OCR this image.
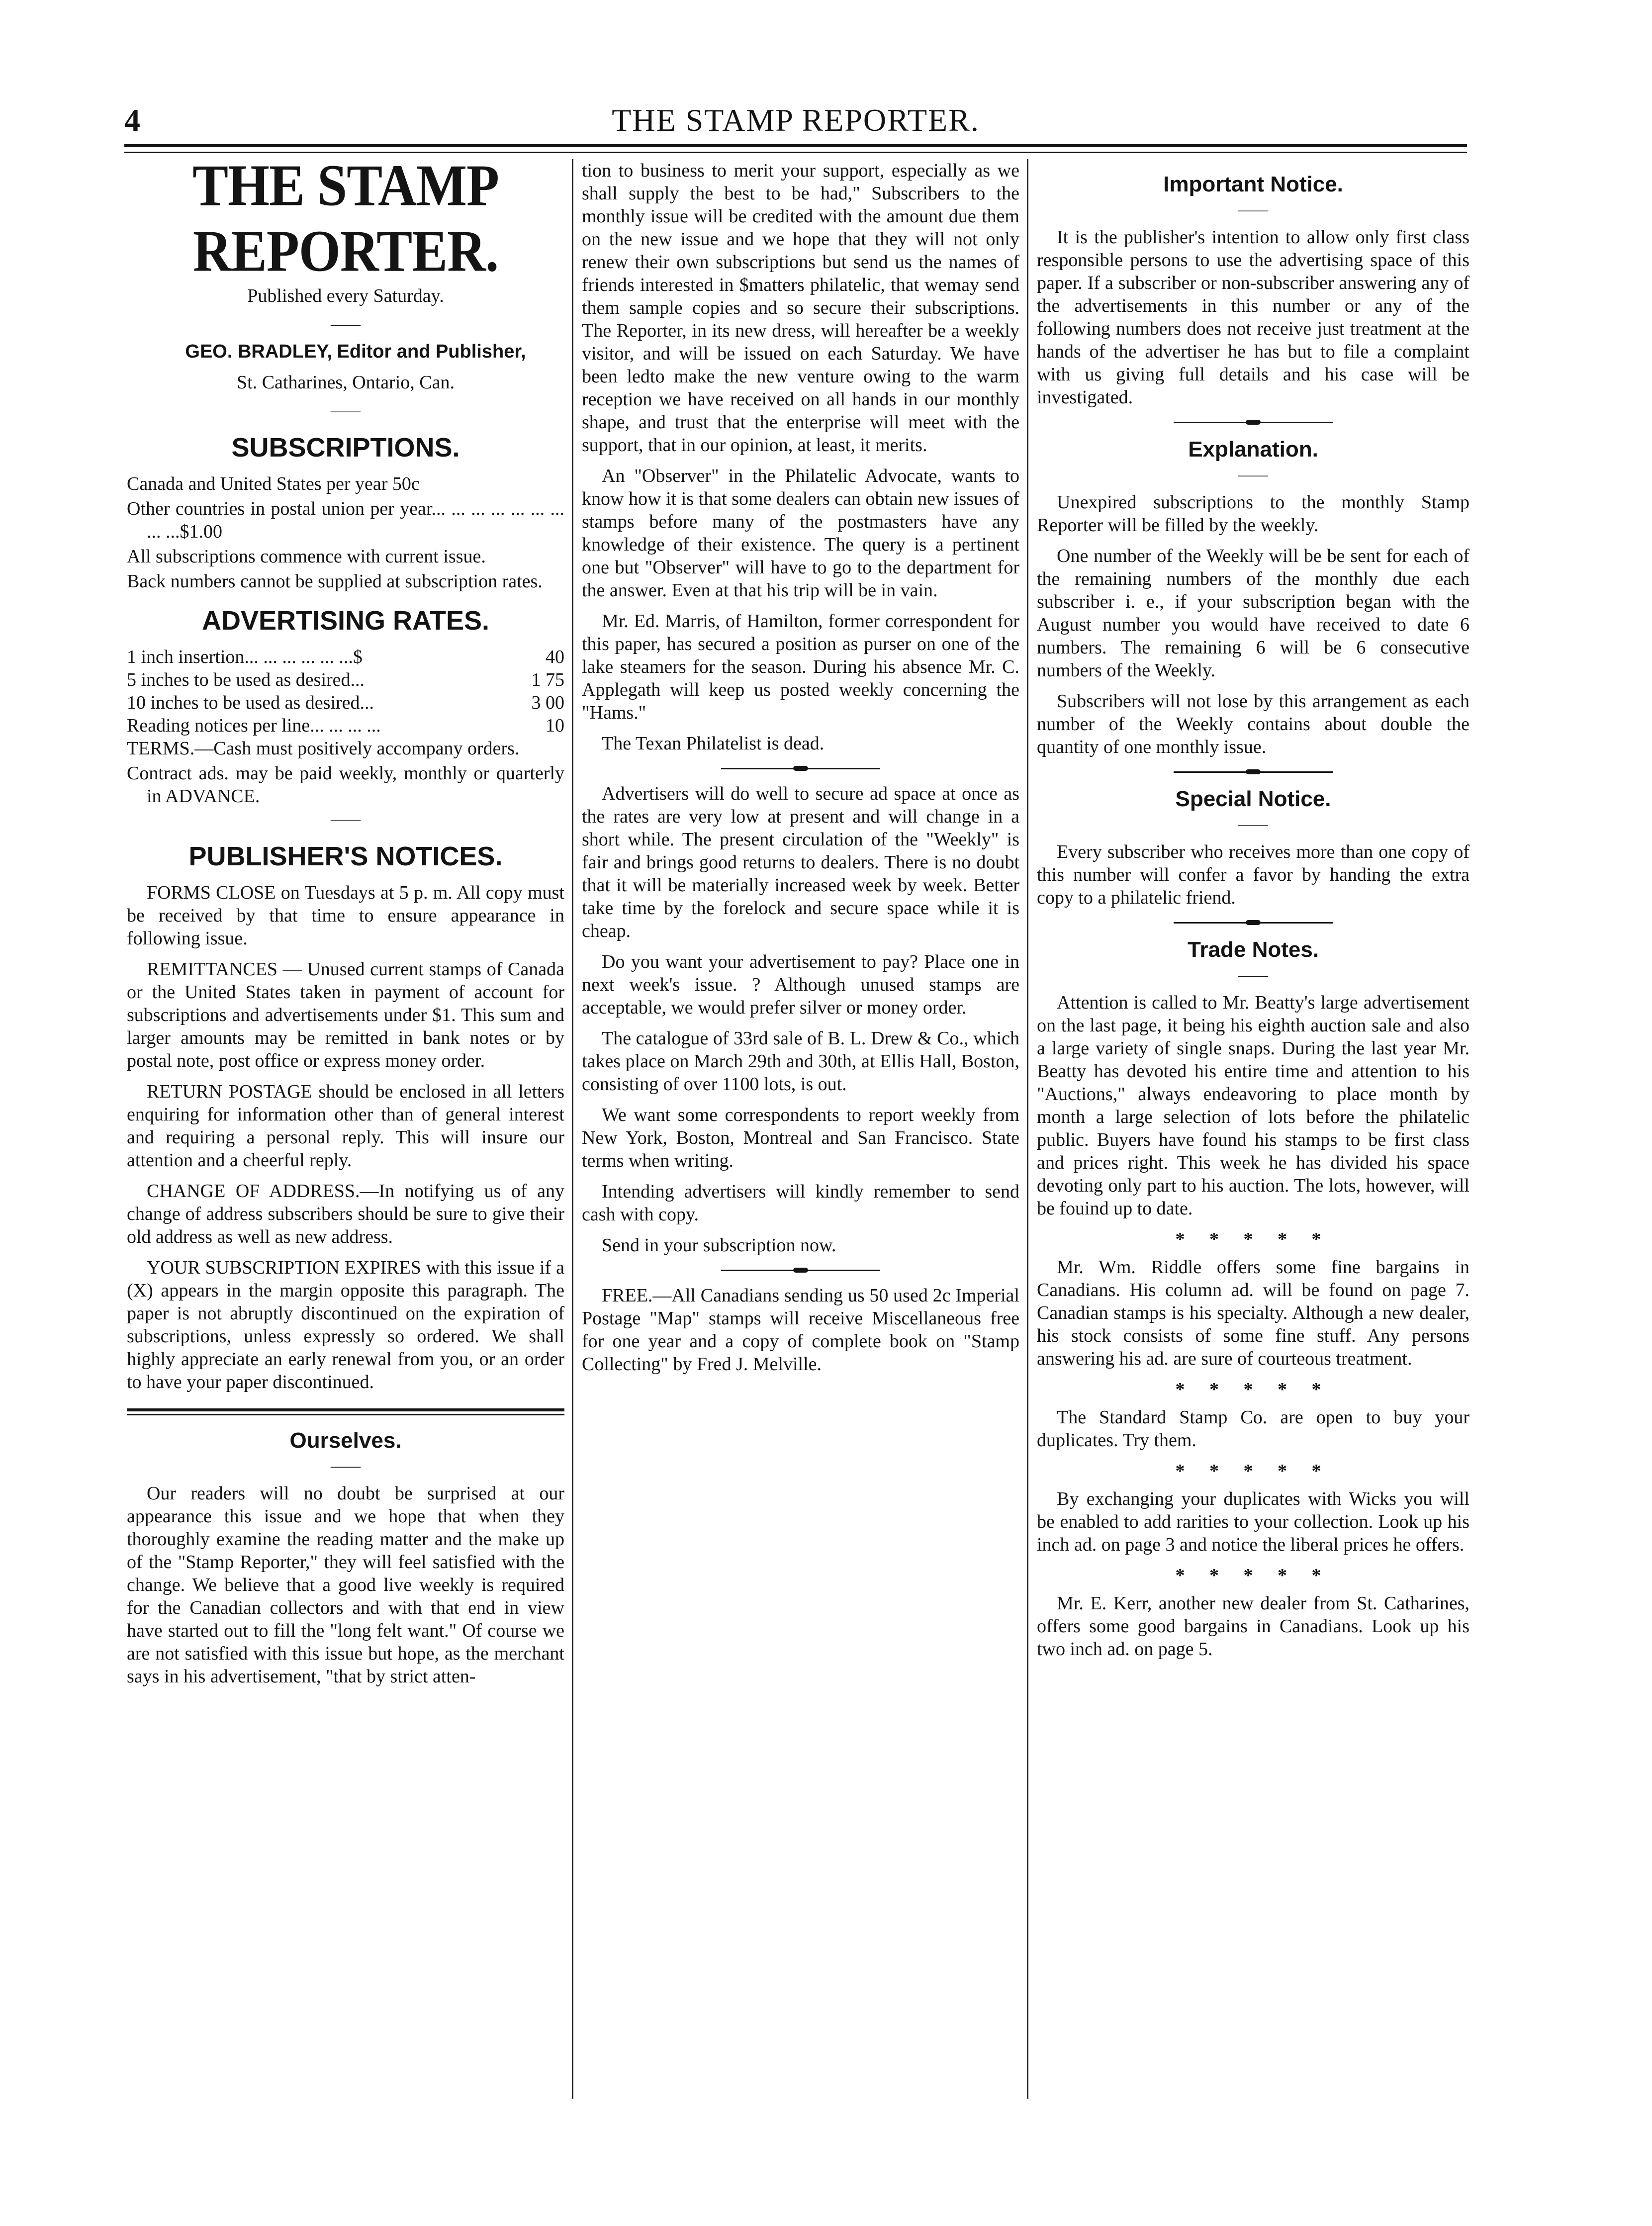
4	THE STAMP REPORTER.
THE STAMP REPORTER.

Published every Saturday.

——

GEO. BRADLEY, Editor and Publisher,

St. Catharines, Ontario, Can.

——
SUBSCRIPTIONS.
Canada and United States per year 50c
Other countries in postal union per year... ... ... ... ... ... ... ... ...$1.00
All subscriptions commence with current issue.
Back numbers cannot be supplied at subscription rates.
ADVERTISING RATES.
1 inch insertion... ... ... ... ... ...$	40
5 inches to be used as desired...	1 75
10 inches to be used as desired...	3 00
Reading notices per line... ... ... ...	10
TERMS.—Cash must positively accompany orders.
Contract ads. may be paid weekly, monthly or quarterly in ADVANCE.
——
PUBLISHER'S NOTICES.

FORMS CLOSE on Tuesdays at 5 p. m. All copy must be received by that time to ensure appearance in following issue.

REMITTANCES — Unused current stamps of Canada or the United States taken in payment of account for subscriptions and advertisements under $1. This sum and larger amounts may be remitted in bank notes or by postal note, post office or express money order.

RETURN POSTAGE should be enclosed in all letters enquiring for information other than of general interest and requiring a personal reply. This will insure our attention and a cheerful reply.

CHANGE OF ADDRESS.—In notifying us of any change of address subscribers should be sure to give their old address as well as new address.

YOUR SUBSCRIPTION EXPIRES with this issue if a (X) appears in the margin opposite this paragraph. The paper is not abruptly discontinued on the expiration of subscriptions, unless expressly so ordered. We shall highly appreciate an early renewal from you, or an order to have your paper discontinued.

Ourselves.
——

Our readers will no doubt be surprised at our appearance this issue and we hope that when they thoroughly examine the reading matter and the make up of the "Stamp Reporter," they will feel satisfied with the change. We believe that a good live weekly is required for the Canadian collectors and with that end in view have started out to fill the "long felt want." Of course we are not satisfied with this issue but hope, as the merchant says in his advertisement, "that by strict atten-

tion to business to merit your support, especially as we shall supply the best to be had," Subscribers to the monthly issue will be credited with the amount due them on the new issue and we hope that they will not only renew their own subscriptions but send us the names of friends interested in $matters philatelic, that wemay send them sample copies and so secure their subscriptions. The Reporter, in its new dress, will hereafter be a weekly visitor, and will be issued on each Saturday. We have been ledto make the new venture owing to the warm reception we have received on all hands in our monthly shape, and trust that the enterprise will meet with the support, that in our opinion, at least, it merits.

An "Observer" in the Philatelic Advocate, wants to know how it is that some dealers can obtain new issues of stamps before many of the postmasters have any knowledge of their existence. The query is a pertinent one but "Observer" will have to go to the department for the answer. Even at that his trip will be in vain.

Mr. Ed. Marris, of Hamilton, former correspondent for this paper, has secured a position as purser on one of the lake steamers for the season. During his absence Mr. C. Applegath will keep us posted weekly concerning the "Hams."

The Texan Philatelist is dead.

Advertisers will do well to secure ad space at once as the rates are very low at present and will change in a short while. The present circulation of the "Weekly" is fair and brings good returns to dealers. There is no doubt that it will be materially increased week by week. Better take time by the forelock and secure space while it is cheap.

Do you want your advertisement to pay? Place one in next week's issue. ? Although unused stamps are acceptable, we would prefer silver or money order.

The catalogue of 33rd sale of B. L. Drew & Co., which takes place on March 29th and 30th, at Ellis Hall, Boston, consisting of over 1100 lots, is out.

We want some correspondents to report weekly from New York, Boston, Montreal and San Francisco. State terms when writing.

Intending advertisers will kindly remember to send cash with copy.

Send in your subscription now.

FREE.—All Canadians sending us 50 used 2c Imperial Postage "Map" stamps will receive Miscellaneous free for one year and a copy of complete book on "Stamp Collecting" by Fred J. Melville.

Important Notice.
——

It is the publisher's intention to allow only first class responsible persons to use the advertising space of this paper. If a subscriber or non-subscriber answering any of the advertisements in this number or any of the following numbers does not receive just treatment at the hands of the advertiser he has but to file a complaint with us giving full details and his case will be investigated.

Explanation.
——

Unexpired subscriptions to the monthly Stamp Reporter will be filled by the weekly.

One number of the Weekly will be be sent for each of the remaining numbers of the monthly due each subscriber i. e., if your subscription began with the August number you would have received to date 6 numbers. The remaining 6 will be 6 consecutive numbers of the Weekly.

Subscribers will not lose by this arrangement as each number of the Weekly contains about double the quantity of one monthly issue.

Special Notice.
——

Every subscriber who receives more than one copy of this number will confer a favor by handing the extra copy to a philatelic friend.

Trade Notes.
——

Attention is called to Mr. Beatty's large advertisement on the last page, it being his eighth auction sale and also a large variety of single snaps. During the last year Mr. Beatty has devoted his entire time and attention to his "Auctions," always endeavoring to place month by month a large selection of lots before the philatelic public. Buyers have found his stamps to be first class and prices right. This week he has divided his space devoting only part to his auction. The lots, however, will be fouind up to date.

* * * * *

Mr. Wm. Riddle offers some fine bargains in Canadians. His column ad. will be found on page 7. Canadian stamps is his specialty. Although a new dealer, his stock consists of some fine stuff. Any persons answering his ad. are sure of courteous treatment.

* * * * *

The Standard Stamp Co. are open to buy your duplicates. Try them.

* * * * *

By exchanging your duplicates with Wicks you will be enabled to add rarities to your collection. Look up his inch ad. on page 3 and notice the liberal prices he offers.

* * * * *

Mr. E. Kerr, another new dealer from St. Catharines, offers some good bargains in Canadians. Look up his two inch ad. on page 5.
